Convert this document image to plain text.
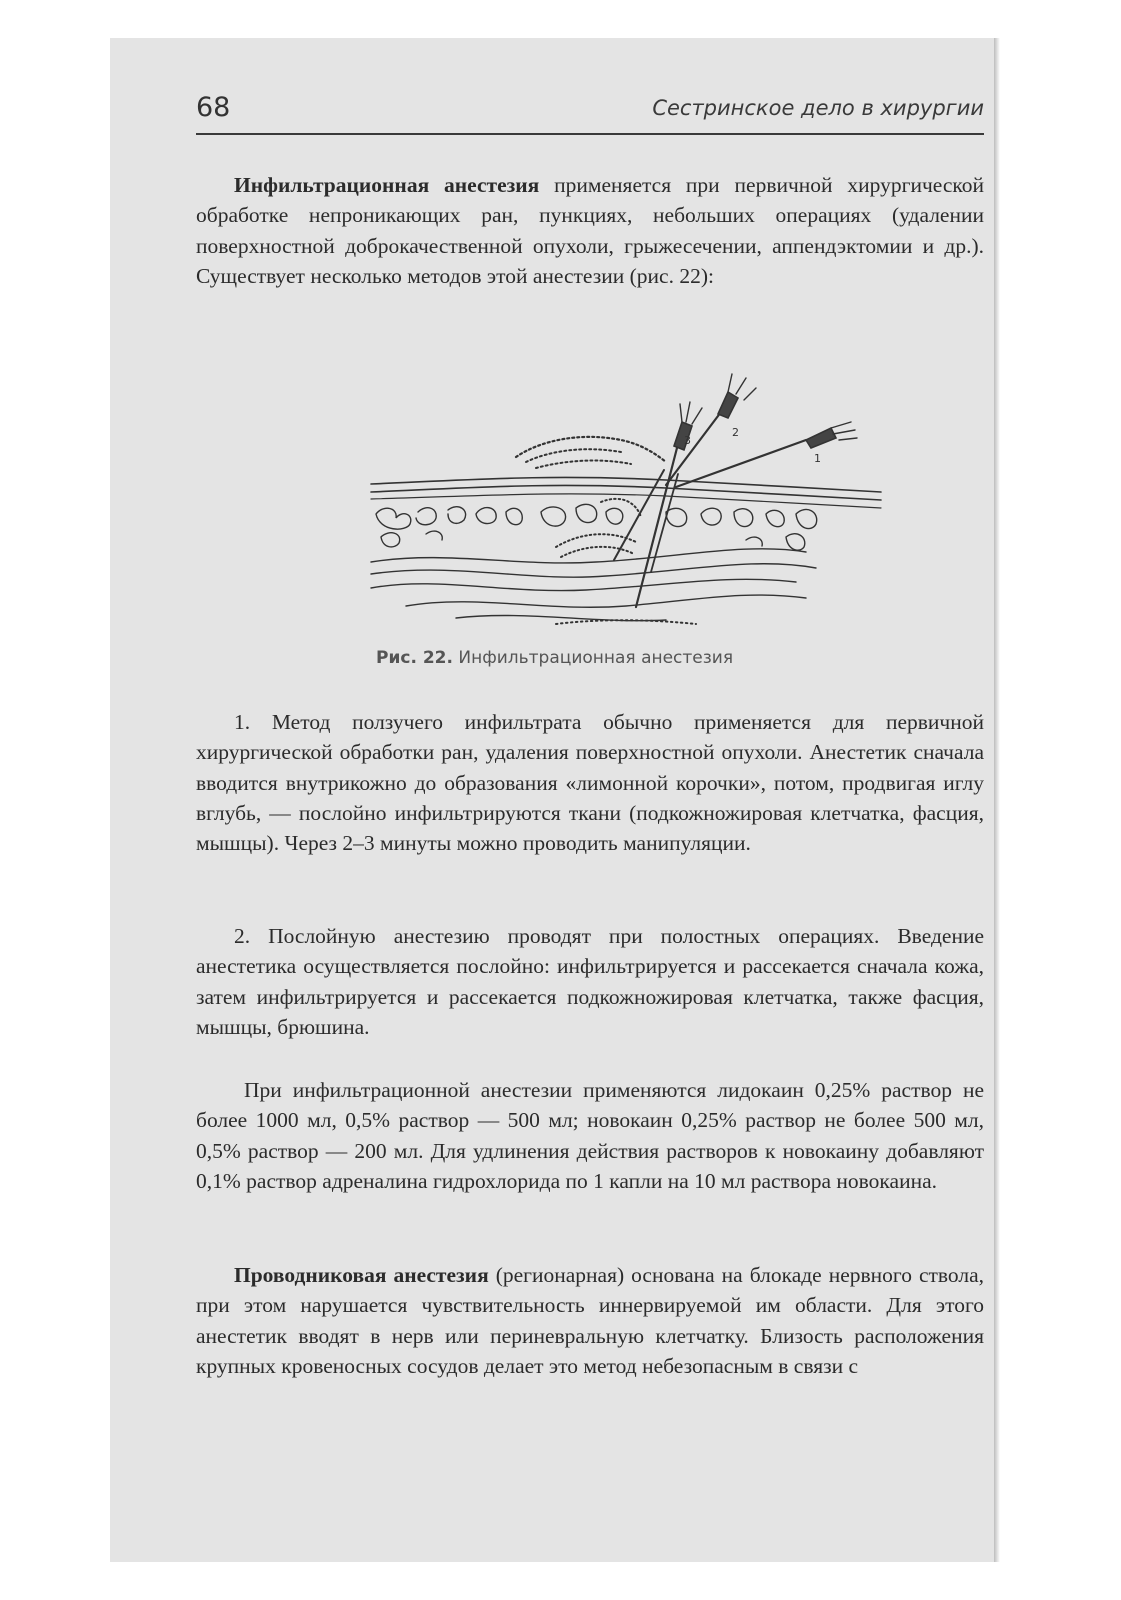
68	Сестринское дело в хирургии

Инфильтрационная анестезия применяется при первичной хирургической обработке непроникающих ран, пункциях, небольших операциях (удалении поверхностной доброкачественной опухоли, грыжесечении, аппендэктомии и др.). Существует несколько методов этой анестезии (рис. 22):

1
2
3
Рис. 22. Инфильтрационная анестезия

1. Метод ползучего инфильтрата обычно применяется для первичной хирургической обработки ран, удаления поверхностной опухоли. Анестетик сначала вводится внутрикожно до образования «лимонной корочки», потом, продвигая иглу вглубь, — послойно инфильтрируются ткани (подкожножировая клетчатка, фасция, мышцы). Через 2–3 минуты можно проводить манипуляции.

2. Послойную анестезию проводят при полостных операциях. Введение анестетика осуществляется послойно: инфильтрируется и рассекается сначала кожа, затем инфильтрируется и рассекается подкожножировая клетчатка, также фасция, мышцы, брюшина.

При инфильтрационной анестезии применяются лидокаин 0,25% раствор не более 1000 мл, 0,5% раствор — 500 мл; новокаин 0,25% раствор не более 500 мл, 0,5% раствор — 200 мл. Для удлинения действия растворов к новокаину добавляют 0,1% раствор адреналина гидрохлорида по 1 капли на 10 мл раствора новокаина.

Проводниковая анестезия (регионарная) основана на блокаде нервного ствола, при этом нарушается чувствительность иннервируемой им области. Для этого анестетик вводят в нерв или периневральную клетчатку. Близость расположения крупных кровеносных сосудов делает это метод небезопасным в связи с
